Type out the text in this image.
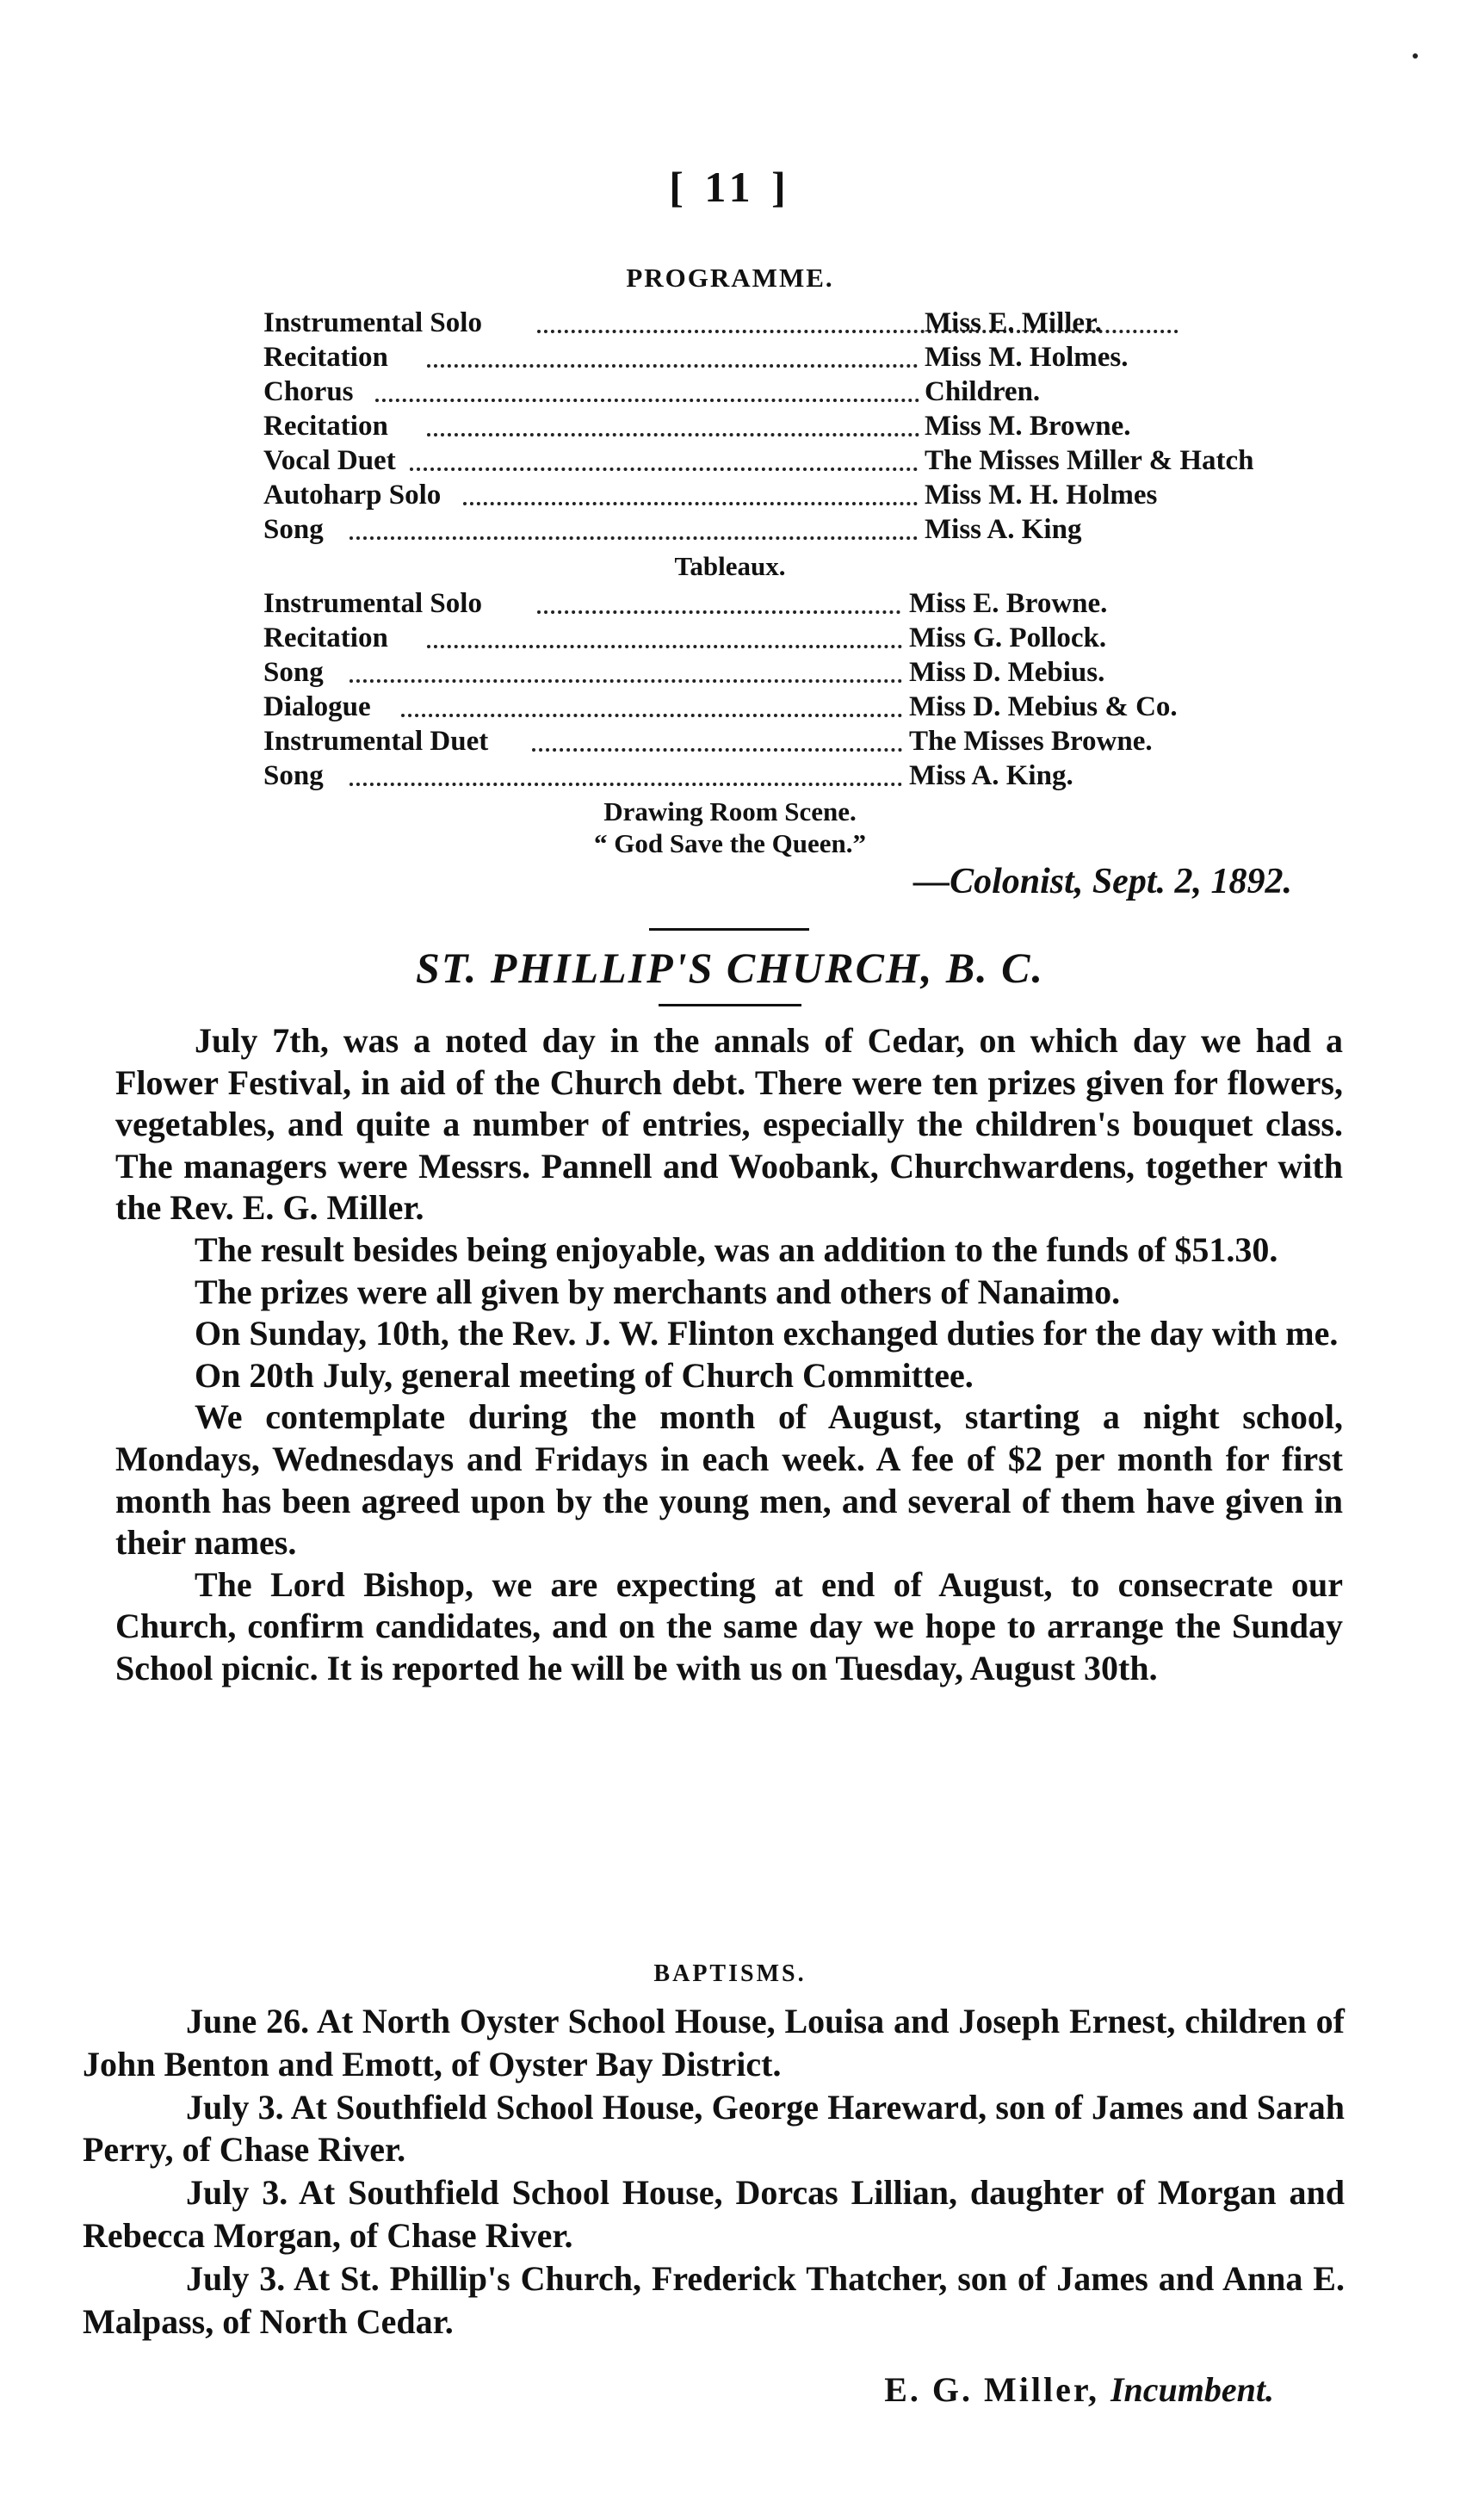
[ 11 ]
PROGRAMME.
Instrumental Solo	Miss E. Miller.
Recitation	Miss M. Holmes.
Chorus	Children.
Recitation	Miss M. Browne.
Vocal Duet	The Misses Miller & Hatch
Autoharp Solo	Miss M. H. Holmes
Song	Miss A. King
Tableaux.
Instrumental Solo	Miss E. Browne.
Recitation	Miss G. Pollock.
Song	Miss D. Mebius.
Dialogue	Miss D. Mebius & Co.
Instrumental Duet	The Misses Browne.
Song	Miss A. King.
Drawing Room Scene.
“ God Save the Queen.”
—Colonist, Sept. 2, 1892.
ST. PHILLIP'S CHURCH, B. C.

July 7th, was a noted day in the annals of Cedar, on which day we had a Flower Festival, in aid of the Church debt. There were ten prizes given for flowers, vegetables, and quite a number of entries, especially the children's bouquet class. The managers were Messrs. Pannell and Woobank, Churchwardens, together with the Rev. E. G. Miller.

The result besides being enjoyable, was an addition to the funds of $51.30.

The prizes were all given by merchants and others of Nanaimo.

On Sunday, 10th, the Rev. J. W. Flinton exchanged duties for the day with me.

On 20th July, general meeting of Church Committee.

We contemplate during the month of August, starting a night school, Mondays, Wednesdays and Fridays in each week. A fee of $2 per month for first month has been agreed upon by the young men, and several of them have given in their names.

The Lord Bishop, we are expecting at end of August, to consecrate our Church, confirm candidates, and on the same day we hope to arrange the Sunday School picnic. It is reported he will be with us on Tuesday, August 30th.

BAPTISMS.

June 26. At North Oyster School House, Louisa and Joseph Ernest, children of John Benton and Emott, of Oyster Bay District.

July 3. At Southfield School House, George Hareward, son of James and Sarah Perry, of Chase River.

July 3. At Southfield School House, Dorcas Lillian, daughter of Morgan and Rebecca Morgan, of Chase River.

July 3. At St. Phillip's Church, Frederick Thatcher, son of James and Anna E. Malpass, of North Cedar.

E. G. Miller, Incumbent.
